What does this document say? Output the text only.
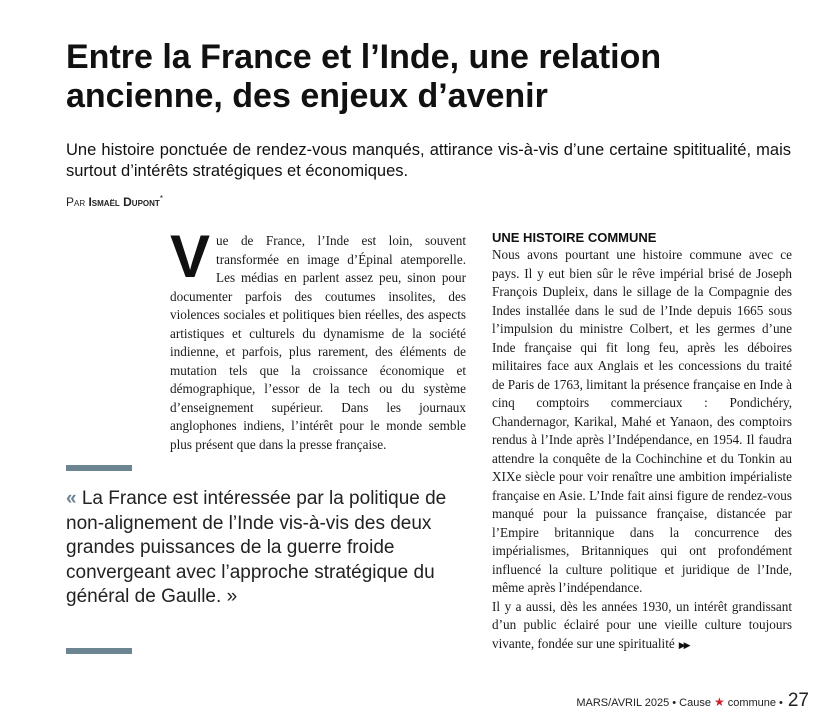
Entre la France et l’Inde, une relation ancienne, des enjeux d’avenir

Une histoire ponctuée de rendez-vous manqués, attirance vis-à-vis d’une certaine spititualité, mais surtout d’intérêts stratégiques et économiques.

Par Ismaël Dupont*
Vue de France, l’Inde est loin, souvent transformée en image d’Épinal atemporelle. Les médias en parlent assez peu, sinon pour documenter parfois des coutumes insolites, des violences sociales et politiques bien réelles, des aspects artistiques et culturels du dynamisme de la société indienne, et parfois, plus rarement, des éléments de mutation tels que la croissance économique et démographique, l’essor de la tech ou du système d’enseignement supérieur. Dans les journaux anglophones indiens, l’intérêt pour le monde semble plus présent que dans la presse française.
« La France est intéressée par la politique de non-alignement de l’Inde vis-à-vis des deux grandes puissances de la guerre froide convergeant avec l’approche stratégique du général de Gaulle. »
UNE HISTOIRE COMMUNE

Nous avons pourtant une histoire commune avec ce pays. Il y eut bien sûr le rêve impérial brisé de Joseph François Dupleix, dans le sillage de la Compagnie des Indes installée dans le sud de l’Inde depuis 1665 sous l’impulsion du ministre Colbert, et les germes d’une Inde française qui fit long feu, après les déboires militaires face aux Anglais et les concessions du traité de Paris de 1763, limitant la présence française en Inde à cinq comptoirs commerciaux : Pondichéry, Chandernagor, Karikal, Mahé et Yanaon, des comptoirs rendus à l’Inde après l’Indépendance, en 1954. Il faudra attendre la conquête de la Cochinchine et du Tonkin au XIXe siècle pour voir renaître une ambition impérialiste française en Asie. L’Inde fait ainsi figure de rendez-vous manqué pour la puissance française, distancée par l’Empire britannique dans la concurrence des impérialismes, Britanniques qui ont profondément influencé la culture politique et juridique de l’Inde, même après l’indépendance.

Il y a aussi, dès les années 1930, un intérêt grandissant d’un public éclairé pour une vieille culture toujours vivante, fondée sur une spiritualité ▶▶

MARS/AVRIL 2025 • Cause ★ commune • 27
